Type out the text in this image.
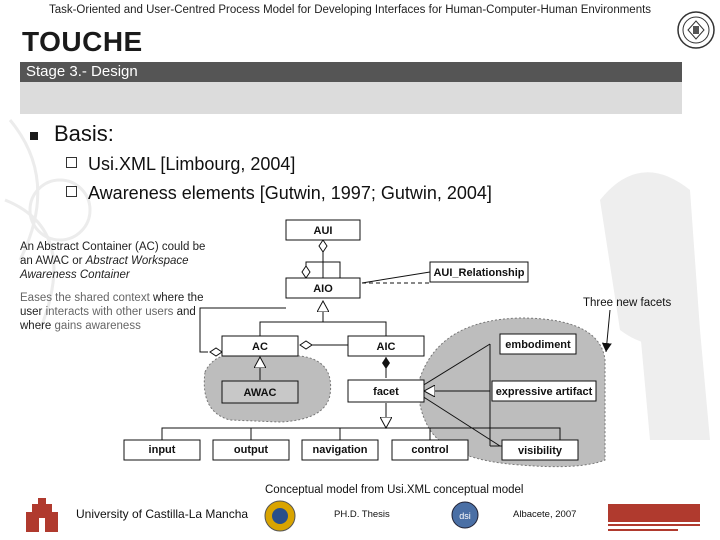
Task-Oriented and User-Centred Process Model for Developing Interfaces for Human-Computer-Human Environments
TOUCHE
Stage 3.- Design
Basis:
Usi.XML [Limbourg, 2004]
Awareness elements [Gutwin, 1997; Gutwin, 2004]
An Abstract Container (AC) could be
an AWAC or Abstract Workspace
Awareness Container
Eases the shared context where the
user interacts with other users and
where gains awareness
Three new facets
AUI
AIO
AUI_Relationship
AC	AIC
AWAC	facet
embodiment
expressive artifact
visibility
input	output	navigation	control
Conceptual model from Usi.XML conceptual model
University of Castilla-La Mancha	PH.D. Thesis	dsi	Albacete, 2007
